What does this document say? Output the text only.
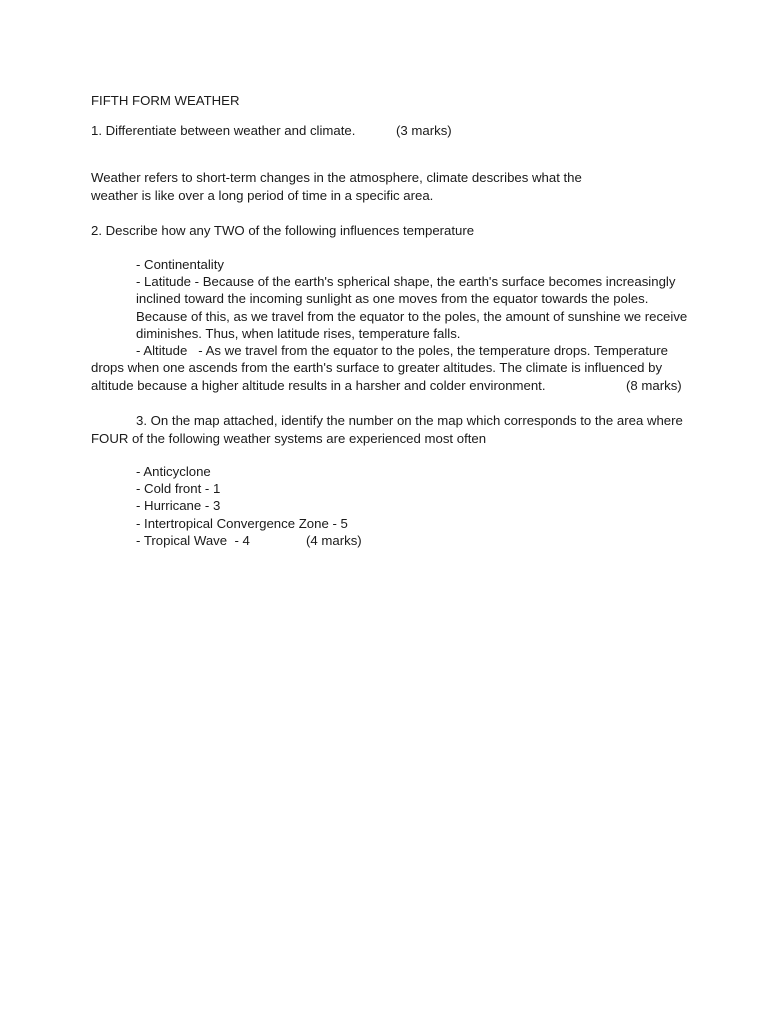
FIFTH FORM WEATHER
1. Differentiate between weather and climate.	(3 marks)
Weather refers to short-term changes in the atmosphere, climate describes what the
weather is like over a long period of time in a specific area.
2. Describe how any TWO of the following influences temperature
- Continentality
- Latitude - Because of the earth's spherical shape, the earth's surface becomes increasingly
inclined toward the incoming sunlight as one moves from the equator towards the poles.
Because of this, as we travel from the equator to the poles, the amount of sunshine we receive
diminishes. Thus, when latitude rises, temperature falls.
- Altitude   - As we travel from the equator to the poles, the temperature drops. Temperature
drops when one ascends from the earth's surface to greater altitudes. The climate is influenced by
altitude because a higher altitude results in a harsher and colder environment.	(8 marks)
3. On the map attached, identify the number on the map which corresponds to the area where
FOUR of the following weather systems are experienced most often
- Anticyclone
- Cold front - 1
- Hurricane - 3
- Intertropical Convergence Zone - 5
- Tropical Wave  - 4	(4 marks)
